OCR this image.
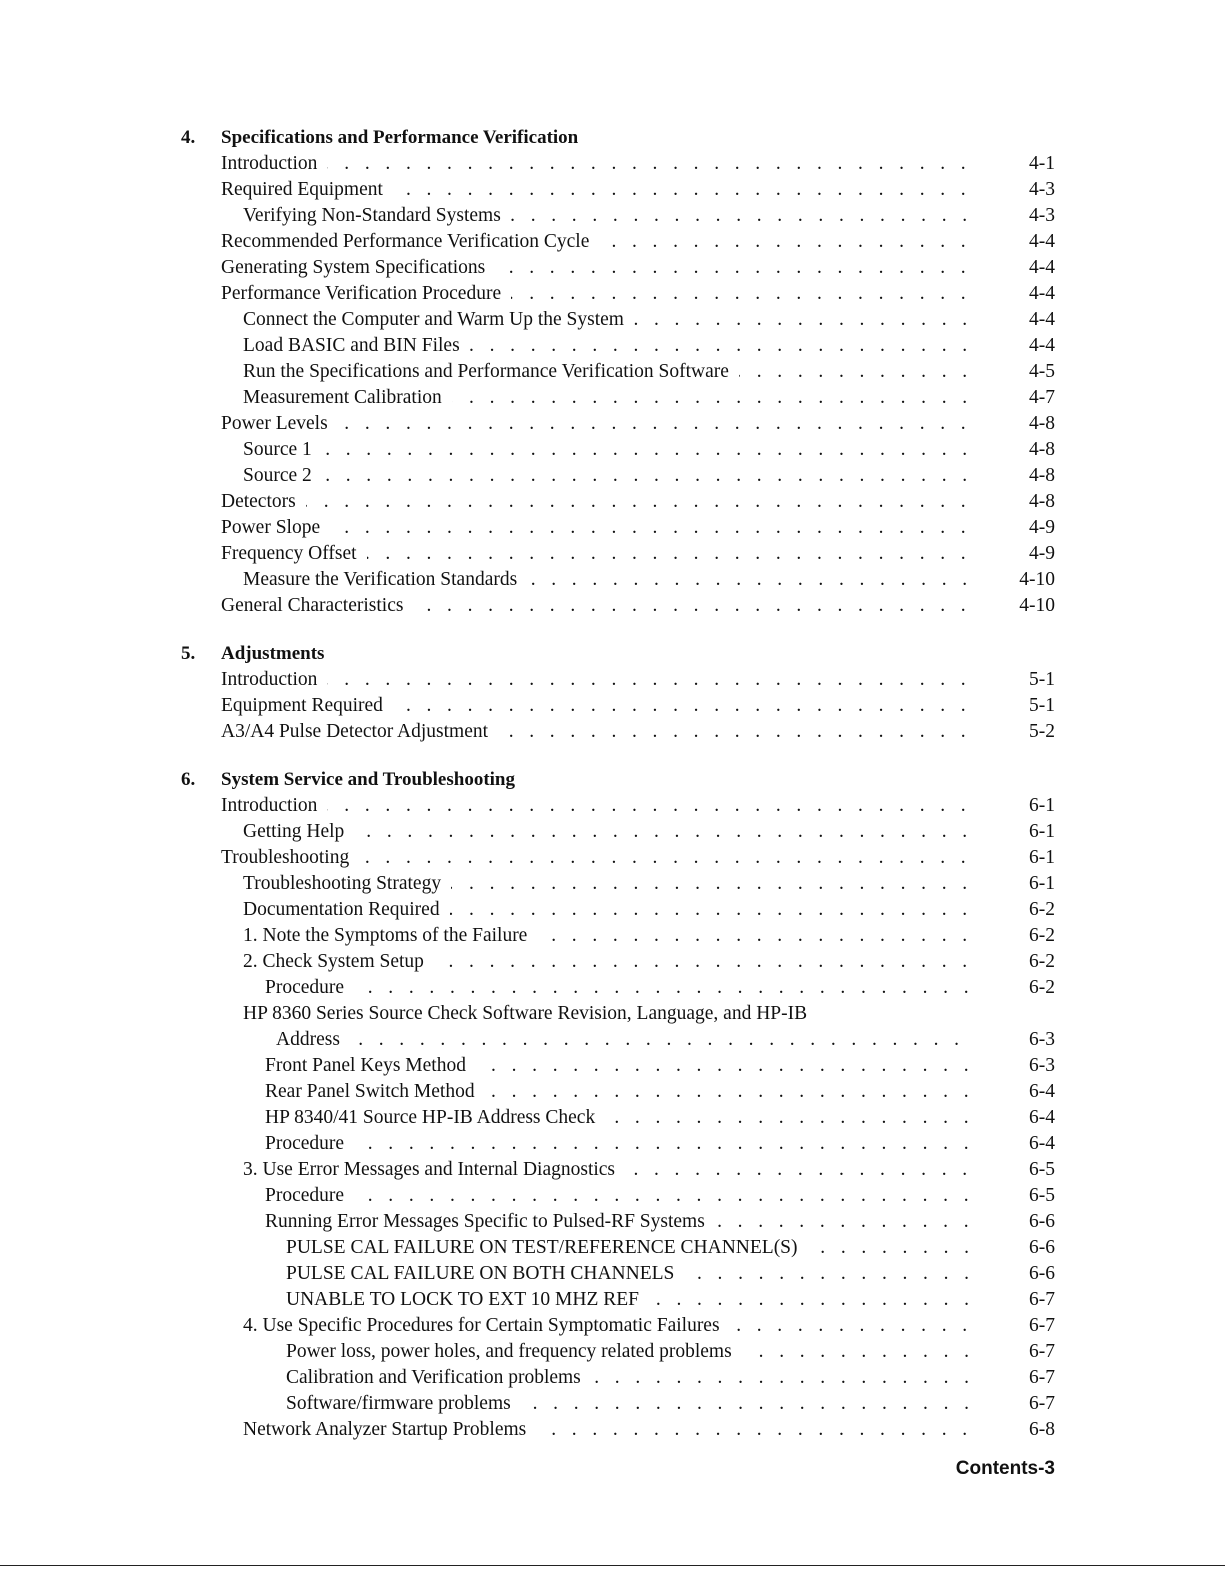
4. Specifications and Performance Verification
Introduction . . .	4-1
Required Equipment . . .	4-3
Verifying Non-Standard Systems . . .	4-3
Recommended Performance Verification Cycle . . .	4-4
Generating System Specifications . . .	4-4
Performance Verification Procedure . . .	4-4
Connect the Computer and Warm Up the System . . .	4-4
Load BASIC and BIN Files . . .	4-4
Run the Specifications and Performance Verification Software . . .	4-5
Measurement Calibration . . .	4-7
Power Levels . . .	4-8
Source 1 . . .	4-8
Source 2 . . .	4-8
Detectors . . .	4-8
Power Slope . . .	4-9
Frequency Offset . . .	4-9
Measure the Verification Standards . . .	4-10
General Characteristics . . .	4-10
5. Adjustments
Introduction . . .	5-1
Equipment Required . . .	5-1
A3/A4 Pulse Detector Adjustment . . .	5-2
6. System Service and Troubleshooting
Introduction . . .	6-1
Getting Help . . .	6-1
Troubleshooting . . .	6-1
Troubleshooting Strategy . . .	6-1
Documentation Required . . .	6-2
1. Note the Symptoms of the Failure . . .	6-2
2. Check System Setup . . .	6-2
Procedure . . .	6-2
HP 8360 Series Source Check Software Revision, Language, and HP-IB
Address . . .	6-3
Front Panel Keys Method . . .	6-3
Rear Panel Switch Method . . .	6-4
HP 8340/41 Source HP-IB Address Check . . .	6-4
Procedure . . .	6-4
3. Use Error Messages and Internal Diagnostics . . .	6-5
Procedure . . .	6-5
Running Error Messages Specific to Pulsed-RF Systems . . .	6-6
PULSE CAL FAILURE ON TEST/REFERENCE CHANNEL(S) . . .	6-6
PULSE CAL FAILURE ON BOTH CHANNELS . . .	6-6
UNABLE TO LOCK TO EXT 10 MHZ REF . . .	6-7
4. Use Specific Procedures for Certain Symptomatic Failures . . .	6-7
Power loss, power holes, and frequency related problems . . .	6-7
Calibration and Verification problems . . .	6-7
Software/firmware problems . . .	6-7
Network Analyzer Startup Problems . . .	6-8
Contents-3
